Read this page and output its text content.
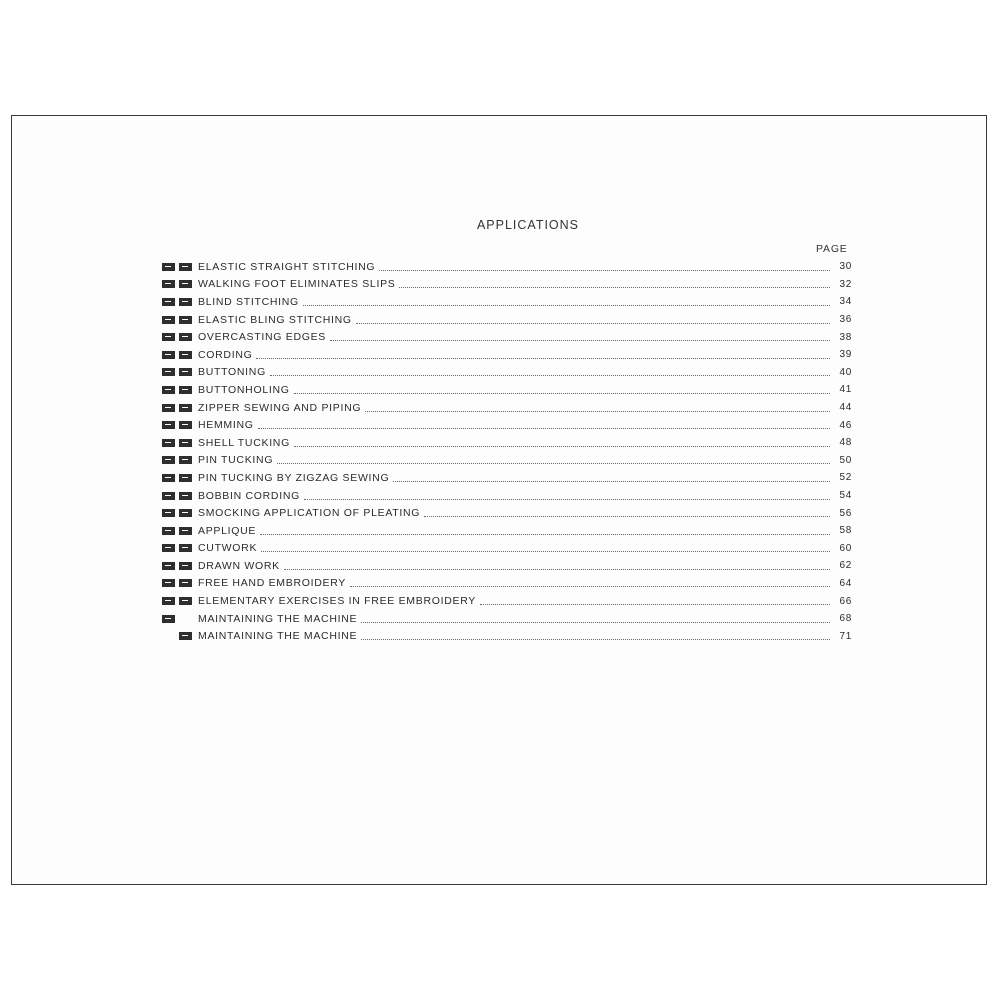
APPLICATIONS
PAGE
ELASTIC STRAIGHT STITCHING	30
WALKING FOOT ELIMINATES SLIPS	32
BLIND STITCHING	34
ELASTIC BLING STITCHING	36
OVERCASTING EDGES	38
CORDING	39
BUTTONING	40
BUTTONHOLING	41
ZIPPER SEWING AND PIPING	44
HEMMING	46
SHELL TUCKING	48
PIN TUCKING	50
PIN TUCKING BY ZIGZAG SEWING	52
BOBBIN CORDING	54
SMOCKING APPLICATION OF PLEATING	56
APPLIQUE	58
CUTWORK	60
DRAWN WORK	62
FREE HAND EMBROIDERY	64
ELEMENTARY EXERCISES IN FREE EMBROIDERY	66
MAINTAINING THE MACHINE	68
MAINTAINING THE MACHINE	71
